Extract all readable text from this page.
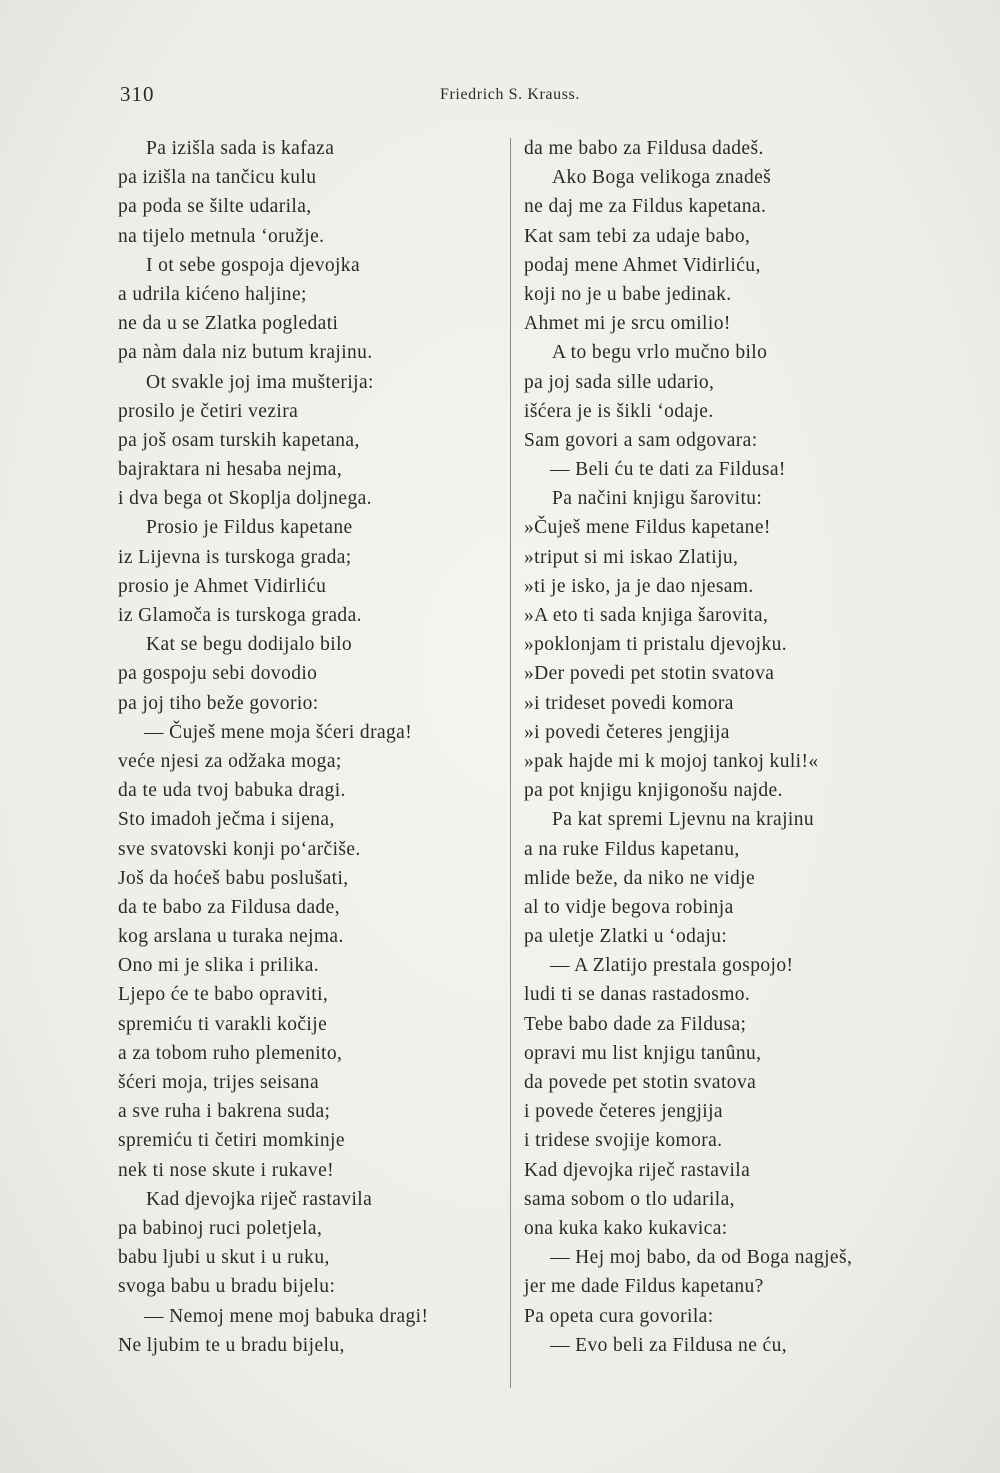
310	Friedrich S. Krauss.
Pa izišla sada is kafaza
pa izišla na tančicu kulu
pa poda se šilte udarila,
na tijelo metnula ‘oružje.
I ot sebe gospoja djevojka
a udrila kićeno haljine;
ne da u se Zlatka pogledati
pa nàm dala niz butum krajinu.
Ot svakle joj ima mušterija:
prosilo je četiri vezira
pa još osam turskih kapetana,
bajraktara ni hesaba nejma,
i dva bega ot Skoplja doljnega.
Prosio je Fildus kapetane
iz Lijevna is turskoga grada;
prosio je Ahmet Vidirliću
iz Glamoča is turskoga grada.
Kat se begu dodijalo bilo
pa gospoju sebi dovodio
pa joj tiho beže govorio:
— Čuješ mene moja šćeri draga!
veće njesi za odžaka moga;
da te uda tvoj babuka dragi.
Sto imadoh ječma i sijena,
sve svatovski konji po‘arčiše.
Još da hoćeš babu poslušati,
da te babo za Fildusa dade,
kog arslana u turaka nejma.
Ono mi je slika i prilika.
Ljepo će te babo opraviti,
spremiću ti varakli kočije
a za tobom ruho plemenito,
šćeri moja, trijes seisana
a sve ruha i bakrena suda;
spremiću ti četiri momkinje
nek ti nose skute i rukave!
Kad djevojka riječ rastavila
pa babinoj ruci poletjela,
babu ljubi u skut i u ruku,
svoga babu u bradu bijelu:
— Nemoj mene moj babuka dragi!
Ne ljubim te u bradu bijelu,
da me babo za Fildusa dadeš.
Ako Boga velikoga znadeš
ne daj me za Fildus kapetana.
Kat sam tebi za udaje babo,
podaj mene Ahmet Vidirliću,
koji no je u babe jedinak.
Ahmet mi je srcu omilio!
A to begu vrlo mučno bilo
pa joj sada sille udario,
išćera je is šikli ‘odaje.
Sam govori a sam odgovara:
— Beli ću te dati za Fildusa!
Pa načini knjigu šarovitu:
»Čuješ mene Fildus kapetane!
»triput si mi iskao Zlatiju,
»ti je isko, ja je dao njesam.
»A eto ti sada knjiga šarovita,
»poklonjam ti pristalu djevojku.
»Der povedi pet stotin svatova
»i trideset povedi komora
»i povedi četeres jengjija
»pak hajde mi k mojoj tankoj kuli!«
pa pot knjigu knjigonošu najde.
Pa kat spremi Ljevnu na krajinu
a na ruke Fildus kapetanu,
mlide beže, da niko ne vidje
al to vidje begova robinja
pa uletje Zlatki u ‘odaju:
— A Zlatijo prestala gospojo!
ludi ti se danas rastadosmo.
Tebe babo dade za Fildusa;
opravi mu list knjigu tanûnu,
da povede pet stotin svatova
i povede četeres jengjija
i tridese svojije komora.
Kad djevojka riječ rastavila
sama sobom o tlo udarila,
ona kuka kako kukavica:
— Hej moj babo, da od Boga nagješ,
jer me dade Fildus kapetanu?
Pa opeta cura govorila:
— Evo beli za Fildusa ne ću,
